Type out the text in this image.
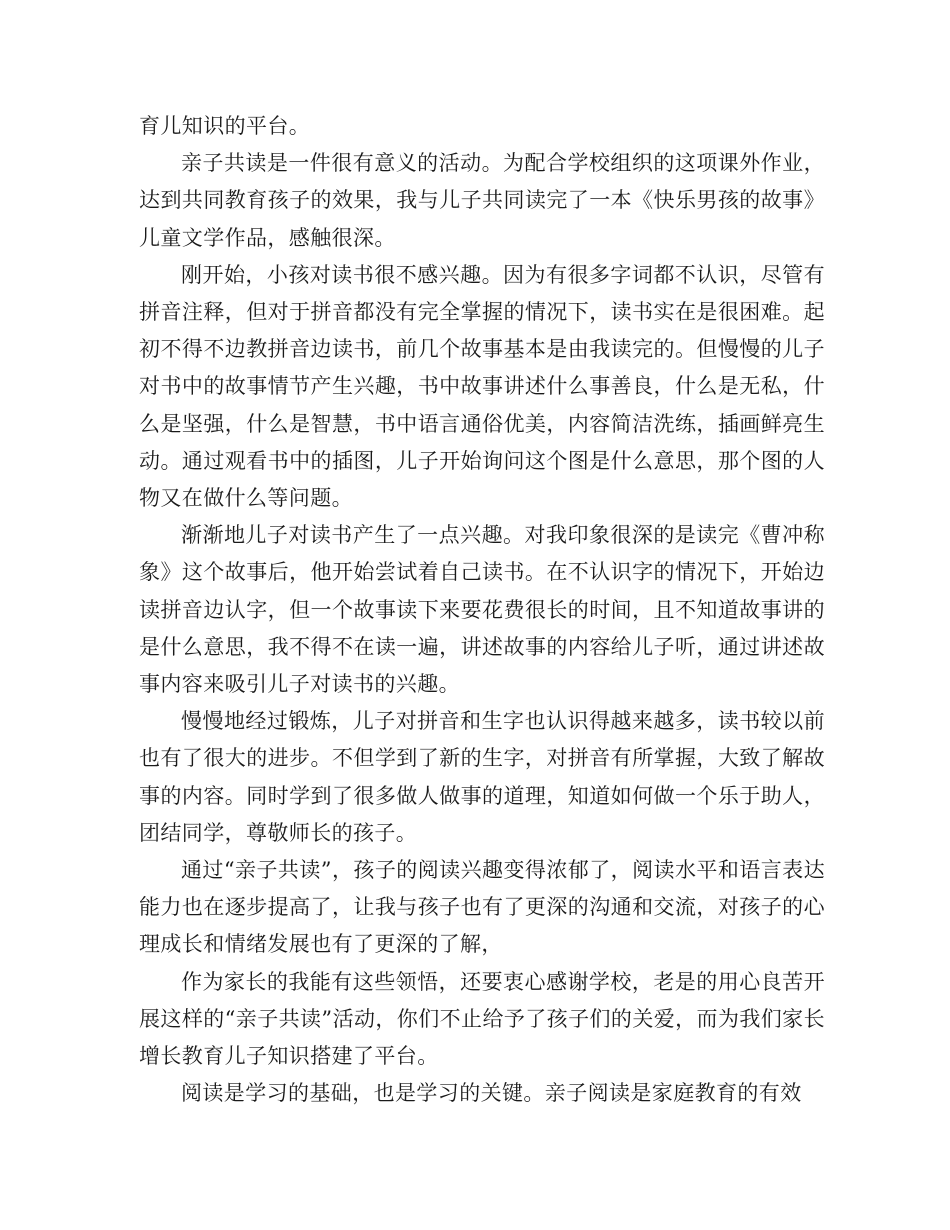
育儿知识的平台。

亲子共读是一件很有意义的活动。为配合学校组织的这项课外作业，达到共同教育孩子的效果，我与儿子共同读完了一本《快乐男孩的故事》儿童文学作品，感触很深。

刚开始，小孩对读书很不感兴趣。因为有很多字词都不认识，尽管有拼音注释，但对于拼音都没有完全掌握的情况下，读书实在是很困难。起初不得不边教拼音边读书，前几个故事基本是由我读完的。但慢慢的儿子对书中的故事情节产生兴趣，书中故事讲述什么事善良，什么是无私，什么是坚强，什么是智慧，书中语言通俗优美，内容简洁洗练，插画鲜亮生动。通过观看书中的插图，儿子开始询问这个图是什么意思，那个图的人物又在做什么等问题。

渐渐地儿子对读书产生了一点兴趣。对我印象很深的是读完《曹冲称象》这个故事后，他开始尝试着自己读书。在不认识字的情况下，开始边读拼音边认字，但一个故事读下来要花费很长的时间，且不知道故事讲的是什么意思，我不得不在读一遍，讲述故事的内容给儿子听，通过讲述故事内容来吸引儿子对读书的兴趣。

慢慢地经过锻炼，儿子对拼音和生字也认识得越来越多，读书较以前也有了很大的进步。不但学到了新的生字，对拼音有所掌握，大致了解故事的内容。同时学到了很多做人做事的道理，知道如何做一个乐于助人，团结同学，尊敬师长的孩子。

通过“亲子共读”，孩子的阅读兴趣变得浓郁了，阅读水平和语言表达能力也在逐步提高了，让我与孩子也有了更深的沟通和交流，对孩子的心理成长和情绪发展也有了更深的了解，

作为家长的我能有这些领悟，还要衷心感谢学校，老是的用心良苦开展这样的“亲子共读”活动，你们不止给予了孩子们的关爱，而为我们家长增长教育儿子知识搭建了平台。

阅读是学习的基础，也是学习的关键。亲子阅读是家庭教育的有效
